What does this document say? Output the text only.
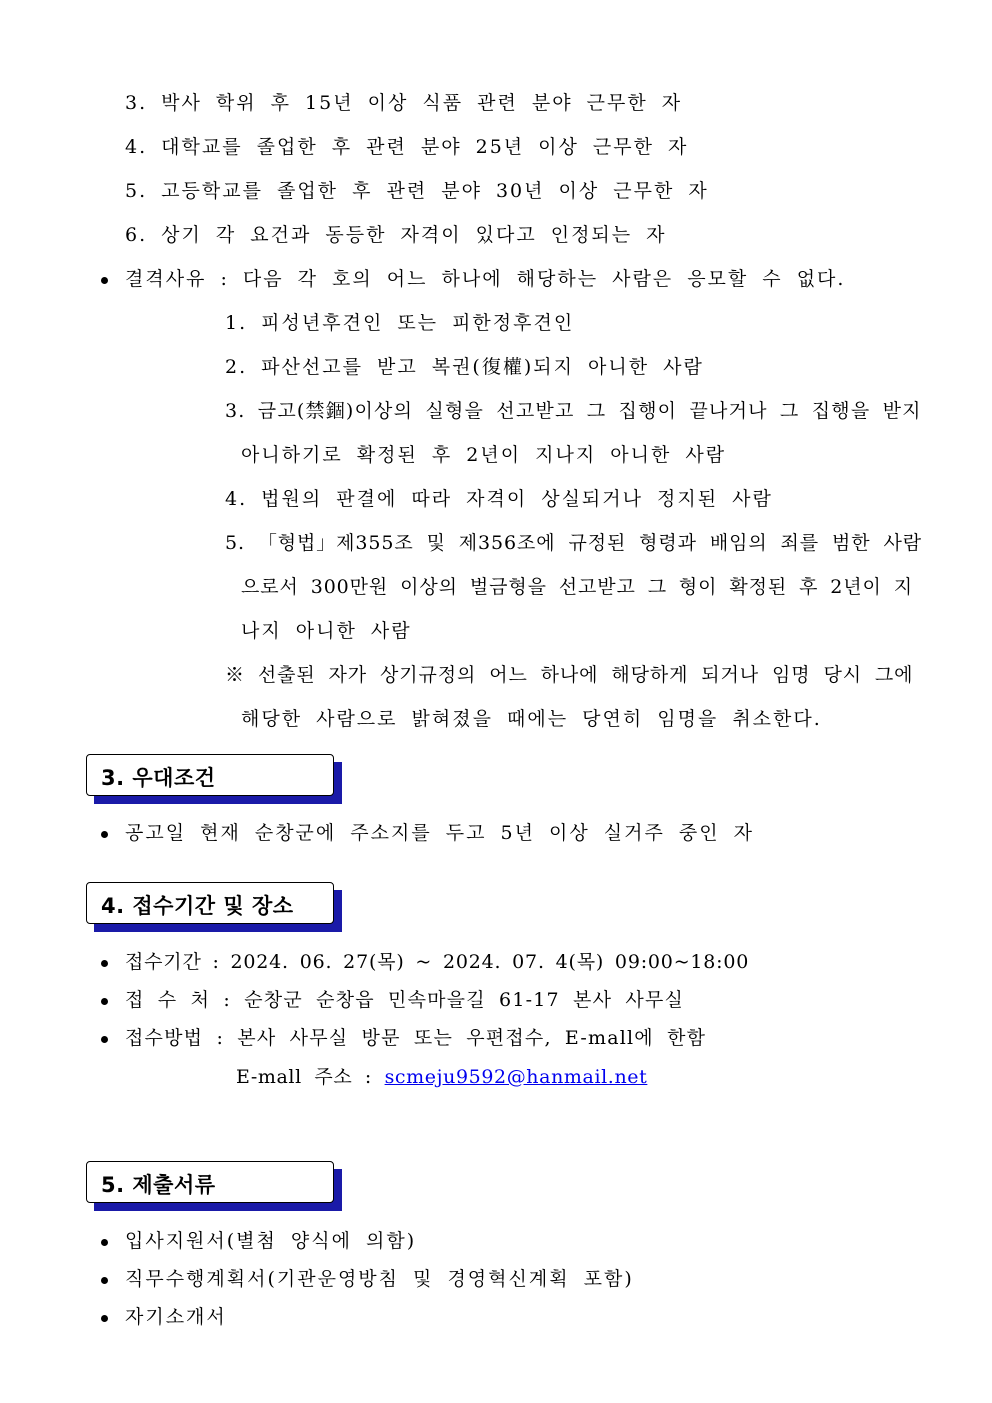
3. 박사 학위 후 15년 이상 식품 관련 분야 근무한 자
4. 대학교를 졸업한 후 관련 분야 25년 이상 근무한 자
5. 고등학교를 졸업한 후 관련 분야 30년 이상 근무한 자
6. 상기 각 요건과 동등한 자격이 있다고 인정되는 자
결격사유 : 다음 각 호의 어느 하나에 해당하는 사람은 응모할 수 없다.
1. 피성년후견인 또는 피한정후견인
2. 파산선고를 받고 복권(復權)되지 아니한 사람
3. 금고(禁錮)이상의 실형을 선고받고 그 집행이 끝나거나 그 집행을 받지
아니하기로 확정된 후 2년이 지나지 아니한 사람
4. 법원의 판결에 따라 자격이 상실되거나 정지된 사람
5. 「형법」제355조 및 제356조에 규정된 형령과 배임의 죄를 범한 사람
으로서 300만원 이상의 벌금형을 선고받고 그 형이 확정된 후 2년이 지
나지 아니한 사람
※ 선출된 자가 상기규정의 어느 하나에 해당하게 되거나 임명 당시 그에
해당한 사람으로 밝혀졌을 때에는 당연히 임명을 취소한다.
3. 우대조건
공고일 현재 순창군에 주소지를 두고 5년 이상 실거주 중인 자
4. 접수기간 및 장소
접수기간 : 2024. 06. 27(목) ~ 2024. 07. 4(목) 09:00~18:00
접 수 처 : 순창군 순창읍 민속마을길 61-17 본사 사무실
접수방법 : 본사 사무실 방문 또는 우편접수, E-mall에 한함
E-mall 주소 : scmeju9592@hanmail.net
5. 제출서류
입사지원서(별첨 양식에 의함)
직무수행계획서(기관운영방침 및 경영혁신계획 포함)
자기소개서
